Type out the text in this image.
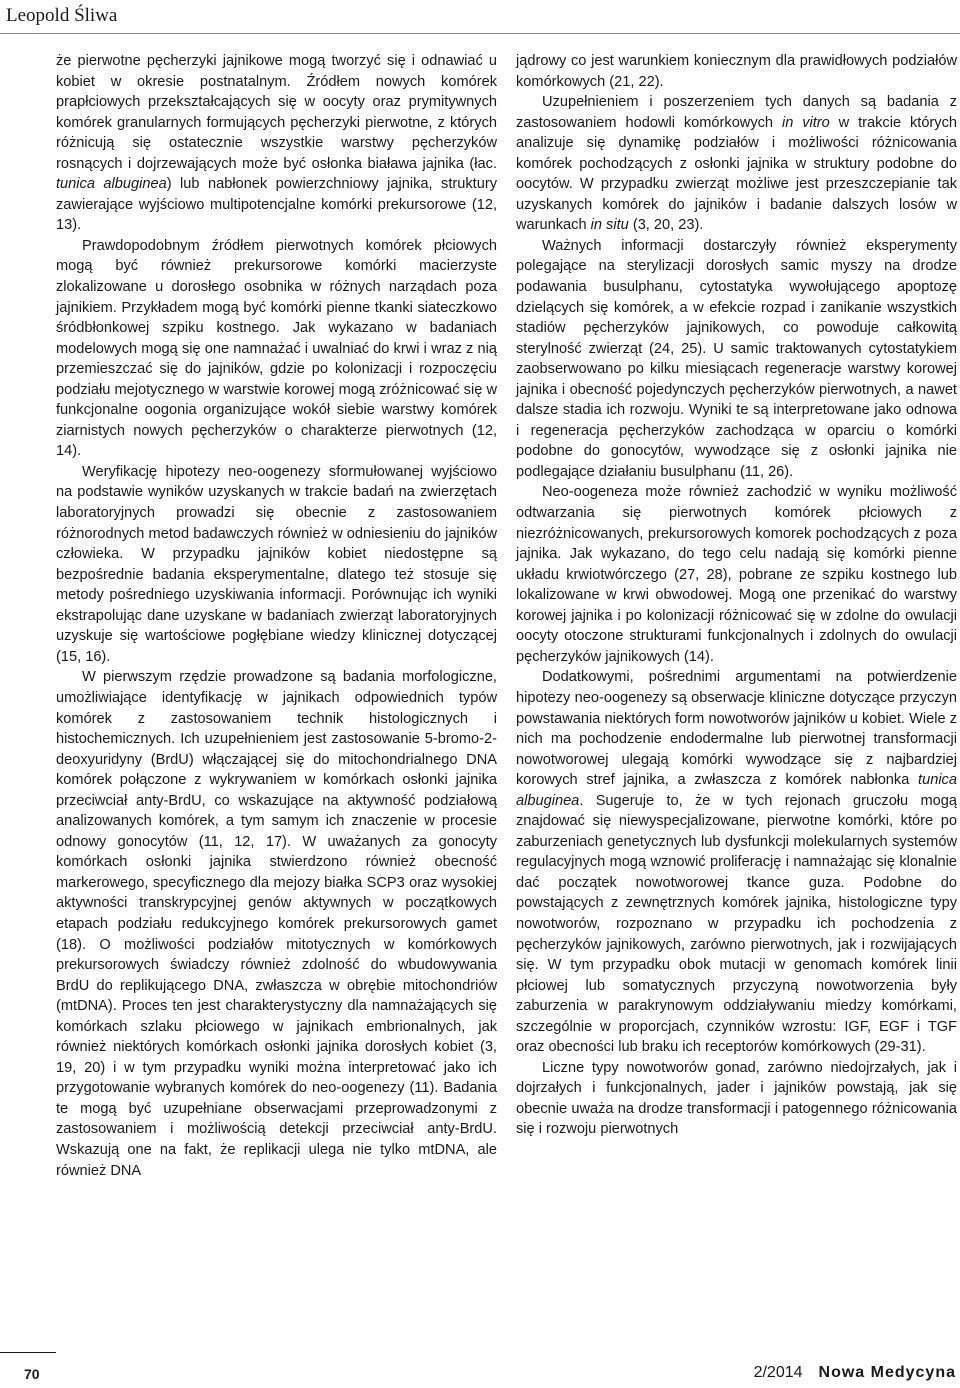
Leopold Śliwa

że pierwotne pęcherzyki jajnikowe mogą tworzyć się i odnawiać u kobiet w okresie postnatalnym. Źródłem nowych komórek prapłciowych przekształcających się w oocyty oraz prymitywnych komórek granularnych formujących pęcherzyki pierwotne, z których różnicują się ostatecznie wszystkie warstwy pęcherzyków rosnących i dojrzewających może być osłonka biaława jajnika (łac. tunica albuginea) lub nabłonek powierzchniowy jajnika, struktury zawierające wyjściowo multipotencjalne komórki prekursorowe (12, 13).

Prawdopodobnym źródłem pierwotnych komórek płciowych mogą być również prekursorowe komórki macierzyste zlokalizowane u dorosłego osobnika w różnych narządach poza jajnikiem. Przykładem mogą być komórki pienne tkanki siateczkowo śródbłonkowej szpiku kostnego. Jak wykazano w badaniach modelowych mogą się one namnażać i uwalniać do krwi i wraz z nią przemieszczać się do jajników, gdzie po kolonizacji i rozpoczęciu podziału mejotycznego w warstwie korowej mogą zróżnicować się w funkcjonalne oogonia organizujące wokół siebie warstwy komórek ziarnistych nowych pęcherzyków o charakterze pierwotnych (12, 14).

Weryfikację hipotezy neo-oogenezy sformułowanej wyjściowo na podstawie wyników uzyskanych w trakcie badań na zwierzętach laboratoryjnych prowadzi się obecnie z zastosowaniem różnorodnych metod badawczych również w odniesieniu do jajników człowieka. W przypadku jajników kobiet niedostępne są bezpośrednie badania eksperymentalne, dlatego też stosuje się metody pośredniego uzyskiwania informacji. Porównując ich wyniki ekstrapolując dane uzyskane w badaniach zwierząt laboratoryjnych uzyskuje się wartościowe pogłębiane wiedzy klinicznej dotyczącej (15, 16).

W pierwszym rzędzie prowadzone są badania morfologiczne, umożliwiające identyfikację w jajnikach odpowiednich typów komórek z zastosowaniem technik histologicznych i histochemicznych. Ich uzupełnieniem jest zastosowanie 5-bromo-2-deoxyuridyny (BrdU) włączającej się do mitochondrialnego DNA komórek połączone z wykrywaniem w komórkach osłonki jajnika przeciwciał anty-BrdU, co wskazujące na aktywność podziałową analizowanych komórek, a tym samym ich znaczenie w procesie odnowy gonocytów (11, 12, 17). W uważanych za gonocyty komórkach osłonki jajnika stwierdzono również obecność markerowego, specyficznego dla mejozy białka SCP3 oraz wysokiej aktywności transkrypcyjnej genów aktywnych w początkowych etapach podziału redukcyjnego komórek prekursorowych gamet (18). O możliwości podziałów mitotycznych w komórkowych prekursorowych świadczy również zdolność do wbudowywania BrdU do replikującego DNA, zwłaszcza w obrębie mitochondriów (mtDNA). Proces ten jest charakterystyczny dla namnażających się komórkach szlaku płciowego w jajnikach embrionalnych, jak również niektórych komórkach osłonki jajnika dorosłych kobiet (3, 19, 20) i w tym przypadku wyniki można interpretować jako ich przygotowanie wybranych komórek do neo-oogenezy (11). Badania te mogą być uzupełniane obserwacjami przeprowadzonymi z zastosowaniem i możliwością detekcji przeciwciał anty-BrdU. Wskazują one na fakt, że replikacji ulega nie tylko mtDNA, ale również DNA

jądrowy co jest warunkiem koniecznym dla prawidłowych podziałów komórkowych (21, 22).

Uzupełnieniem i poszerzeniem tych danych są badania z zastosowaniem hodowli komórkowych in vitro w trakcie których analizuje się dynamikę podziałów i możliwości różnicowania komórek pochodzących z osłonki jajnika w struktury podobne do oocytów. W przypadku zwierząt możliwe jest przeszczepianie tak uzyskanych komórek do jajników i badanie dalszych losów w warunkach in situ (3, 20, 23).

Ważnych informacji dostarczyły również eksperymenty polegające na sterylizacji dorosłych samic myszy na drodze podawania busulphanu, cytostatyka wywołującego apoptozę dzielących się komórek, a w efekcie rozpad i zanikanie wszystkich stadiów pęcherzyków jajnikowych, co powoduje całkowitą sterylność zwierząt (24, 25). U samic traktowanych cytostatykiem zaobserwowano po kilku miesiącach regeneracje warstwy korowej jajnika i obecność pojedynczych pęcherzyków pierwotnych, a nawet dalsze stadia ich rozwoju. Wyniki te są interpretowane jako odnowa i regeneracja pęcherzyków zachodząca w oparciu o komórki podobne do gonocytów, wywodzące się z osłonki jajnika nie podlegające działaniu busulphanu (11, 26).

Neo-oogeneza może również zachodzić w wyniku możliwość odtwarzania się pierwotnych komórek płciowych z niezróżnicowanych, prekursorowych komorek pochodzących z poza jajnika. Jak wykazano, do tego celu nadają się komórki pienne układu krwiotwórczego (27, 28), pobrane ze szpiku kostnego lub lokalizowane w krwi obwodowej. Mogą one przenikać do warstwy korowej jajnika i po kolonizacji różnicować się w zdolne do owulacji oocyty otoczone strukturami funkcjonalnych i zdolnych do owulacji pęcherzyków jajnikowych (14).

Dodatkowymi, pośrednimi argumentami na potwierdzenie hipotezy neo-oogenezy są obserwacje kliniczne dotyczące przyczyn powstawania niektórych form nowotworów jajników u kobiet. Wiele z nich ma pochodzenie endodermalne lub pierwotnej transformacji nowotworowej ulegają komórki wywodzące się z najbardziej korowych stref jajnika, a zwłaszcza z komórek nabłonka tunica albuginea. Sugeruje to, że w tych rejonach gruczołu mogą znajdować się niewyspecjalizowane, pierwotne komórki, które po zaburzeniach genetycznych lub dysfunkcji molekularnych systemów regulacyjnych mogą wznowić proliferację i namnażając się klonalnie dać początek nowotworowej tkance guza. Podobne do powstających z zewnętrznych komórek jajnika, histologiczne typy nowotworów, rozpoznano w przypadku ich pochodzenia z pęcherzyków jajnikowych, zarówno pierwotnych, jak i rozwijających się. W tym przypadku obok mutacji w genomach komórek linii płciowej lub somatycznych przyczyną nowotworzenia były zaburzenia w parakrynowym oddziaływaniu miedzy komórkami, szczególnie w proporcjach, czynników wzrostu: IGF, EGF i TGF oraz obecności lub braku ich receptorów komórkowych (29-31).

Liczne typy nowotworów gonad, zarówno niedojrzałych, jak i dojrzałych i funkcjonalnych, jader i jajników powstają, jak się obecnie uważa na drodze transformacji i patogennego różnicowania się i rozwoju pierwotnych

70	2/2014 Nowa Medycyna
